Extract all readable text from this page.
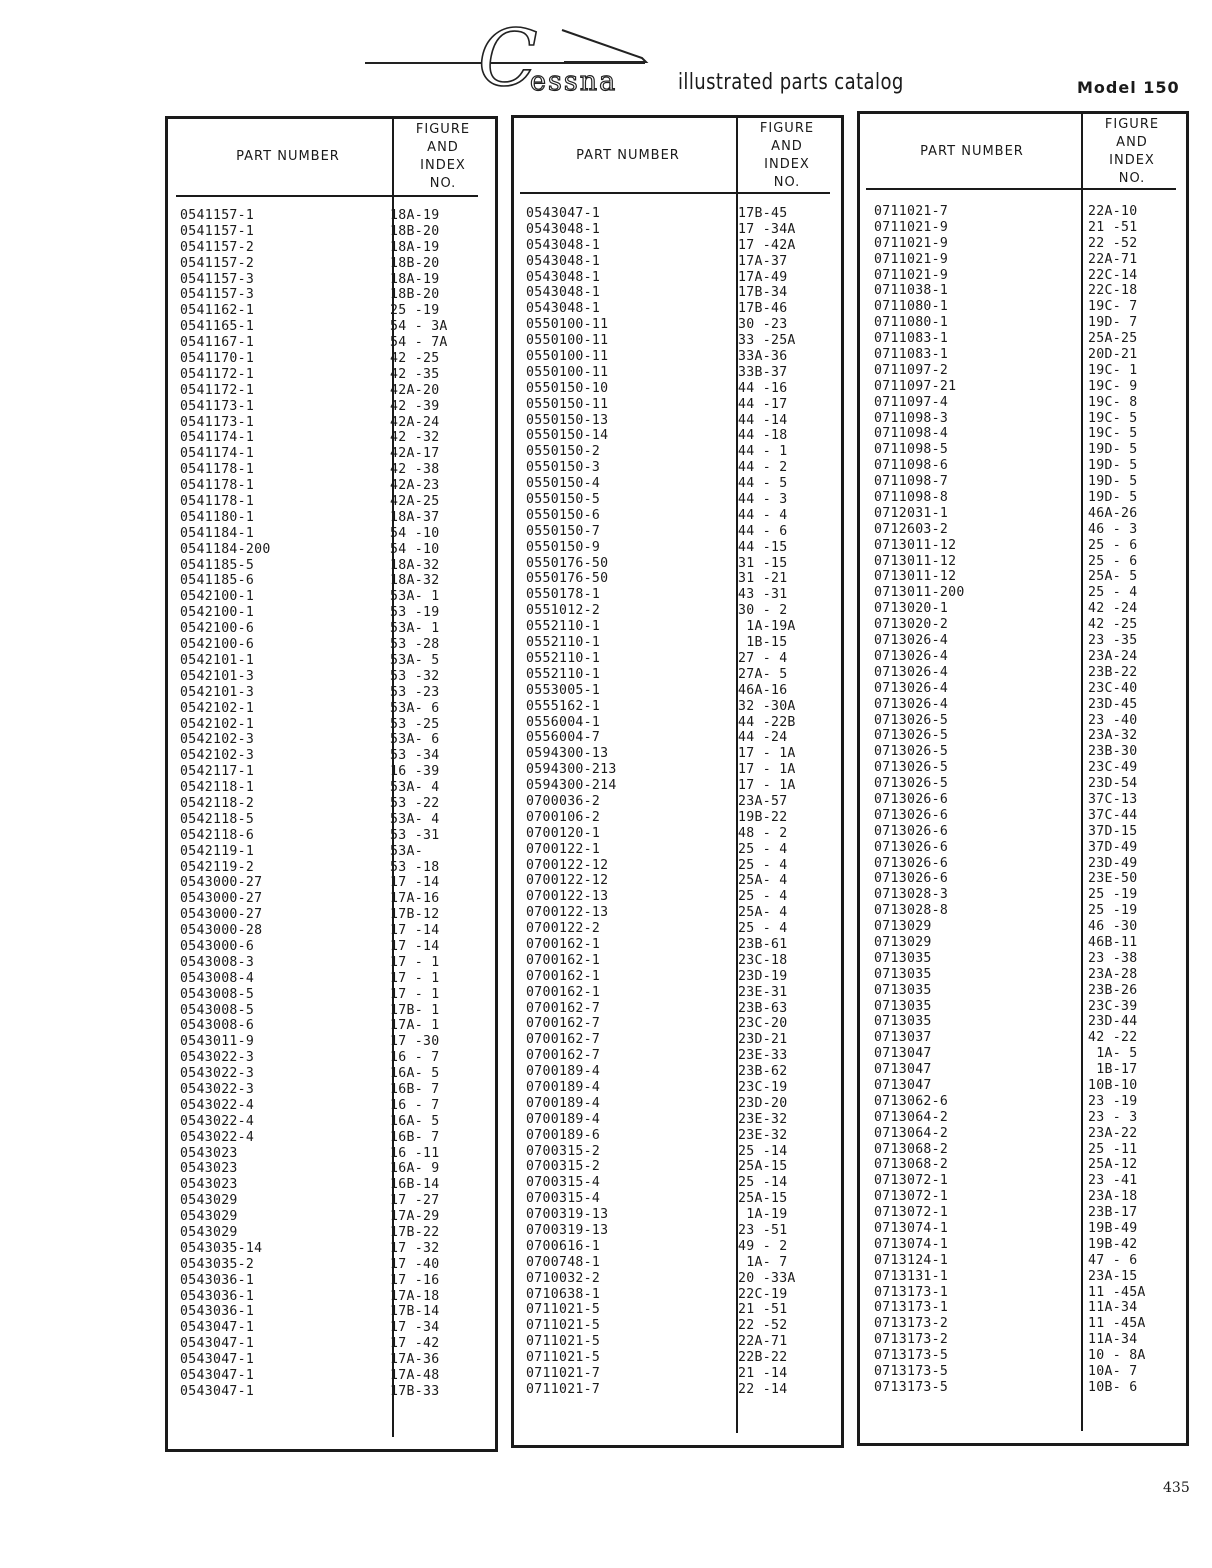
C
essna	illustrated parts catalog	Model 150
PART NUMBER
FIGURE
AND
INDEX
NO.
0541157-1	18A-19
0541157-1	18B-20
0541157-2	18A-19
0541157-2	18B-20
0541157-3	18A-19
0541157-3	18B-20
0541162-1	25 -19
0541165-1	54 - 3A
0541167-1	54 - 7A
0541170-1	42 -25
0541172-1	42 -35
0541172-1	42A-20
0541173-1	42 -39
0541173-1	42A-24
0541174-1	42 -32
0541174-1	42A-17
0541178-1	42 -38
0541178-1	42A-23
0541178-1	42A-25
0541180-1	18A-37
0541184-1	54 -10
0541184-200	54 -10
0541185-5	18A-32
0541185-6	18A-32
0542100-1	53A- 1
0542100-1	53 -19
0542100-6	53A- 1
0542100-6	53 -28
0542101-1	53A- 5
0542101-3	53 -32
0542101-3	53 -23
0542102-1	53A- 6
0542102-1	53 -25
0542102-3	53A- 6
0542102-3	53 -34
0542117-1	16 -39
0542118-1	53A- 4
0542118-2	53 -22
0542118-5	53A- 4
0542118-6	53 -31
0542119-1	53A-
0542119-2	53 -18
0543000-27	17 -14
0543000-27	17A-16
0543000-27	17B-12
0543000-28	17 -14
0543000-6	17 -14
0543008-3	17 - 1
0543008-4	17 - 1
0543008-5	17 - 1
0543008-5	17B- 1
0543008-6	17A- 1
0543011-9	17 -30
0543022-3	16 - 7
0543022-3	16A- 5
0543022-3	16B- 7
0543022-4	16 - 7
0543022-4	16A- 5
0543022-4	16B- 7
0543023	16 -11
0543023	16A- 9
0543023	16B-14
0543029	17 -27
0543029	17A-29
0543029	17B-22
0543035-14	17 -32
0543035-2	17 -40
0543036-1	17 -16
0543036-1	17A-18
0543036-1	17B-14
0543047-1	17 -34
0543047-1	17 -42
0543047-1	17A-36
0543047-1	17A-48
0543047-1	17B-33
PART NUMBER
FIGURE
AND
INDEX
NO.
0543047-1	17B-45
0543048-1	17 -34A
0543048-1	17 -42A
0543048-1	17A-37
0543048-1	17A-49
0543048-1	17B-34
0543048-1	17B-46
0550100-11	30 -23
0550100-11	33 -25A
0550100-11	33A-36
0550100-11	33B-37
0550150-10	44 -16
0550150-11	44 -17
0550150-13	44 -14
0550150-14	44 -18
0550150-2	44 - 1
0550150-3	44 - 2
0550150-4	44 - 5
0550150-5	44 - 3
0550150-6	44 - 4
0550150-7	44 - 6
0550150-9	44 -15
0550176-50	31 -15
0550176-50	31 -21
0550178-1	43 -31
0551012-2	30 - 2
0552110-1	1A-19A
0552110-1	1B-15
0552110-1	27 - 4
0552110-1	27A- 5
0553005-1	46A-16
0555162-1	32 -30A
0556004-1	44 -22B
0556004-7	44 -24
0594300-13	17 - 1A
0594300-213	17 - 1A
0594300-214	17 - 1A
0700036-2	23A-57
0700106-2	19B-22
0700120-1	48 - 2
0700122-1	25 - 4
0700122-12	25 - 4
0700122-12	25A- 4
0700122-13	25 - 4
0700122-13	25A- 4
0700122-2	25 - 4
0700162-1	23B-61
0700162-1	23C-18
0700162-1	23D-19
0700162-1	23E-31
0700162-7	23B-63
0700162-7	23C-20
0700162-7	23D-21
0700162-7	23E-33
0700189-4	23B-62
0700189-4	23C-19
0700189-4	23D-20
0700189-4	23E-32
0700189-6	23E-32
0700315-2	25 -14
0700315-2	25A-15
0700315-4	25 -14
0700315-4	25A-15
0700319-13	1A-19
0700319-13	23 -51
0700616-1	49 - 2
0700748-1	1A- 7
0710032-2	20 -33A
0710638-1	22C-19
0711021-5	21 -51
0711021-5	22 -52
0711021-5	22A-71
0711021-5	22B-22
0711021-7	21 -14
0711021-7	22 -14
PART NUMBER
FIGURE
AND
INDEX
NO.
0711021-7	22A-10
0711021-9	21 -51
0711021-9	22 -52
0711021-9	22A-71
0711021-9	22C-14
0711038-1	22C-18
0711080-1	19C- 7
0711080-1	19D- 7
0711083-1	25A-25
0711083-1	20D-21
0711097-2	19C- 1
0711097-21	19C- 9
0711097-4	19C- 8
0711098-3	19C- 5
0711098-4	19C- 5
0711098-5	19D- 5
0711098-6	19D- 5
0711098-7	19D- 5
0711098-8	19D- 5
0712031-1	46A-26
0712603-2	46 - 3
0713011-12	25 - 6
0713011-12	25 - 6
0713011-12	25A- 5
0713011-200	25 - 4
0713020-1	42 -24
0713020-2	42 -25
0713026-4	23 -35
0713026-4	23A-24
0713026-4	23B-22
0713026-4	23C-40
0713026-4	23D-45
0713026-5	23 -40
0713026-5	23A-32
0713026-5	23B-30
0713026-5	23C-49
0713026-5	23D-54
0713026-6	37C-13
0713026-6	37C-44
0713026-6	37D-15
0713026-6	37D-49
0713026-6	23D-49
0713026-6	23E-50
0713028-3	25 -19
0713028-8	25 -19
0713029	46 -30
0713029	46B-11
0713035	23 -38
0713035	23A-28
0713035	23B-26
0713035	23C-39
0713035	23D-44
0713037	42 -22
0713047	1A- 5
0713047	1B-17
0713047	10B-10
0713062-6	23 -19
0713064-2	23 - 3
0713064-2	23A-22
0713068-2	25 -11
0713068-2	25A-12
0713072-1	23 -41
0713072-1	23A-18
0713072-1	23B-17
0713074-1	19B-49
0713074-1	19B-42
0713124-1	47 - 6
0713131-1	23A-15
0713173-1	11 -45A
0713173-1	11A-34
0713173-2	11 -45A
0713173-2	11A-34
0713173-5	10 - 8A
0713173-5	10A- 7
0713173-5	10B- 6
435
